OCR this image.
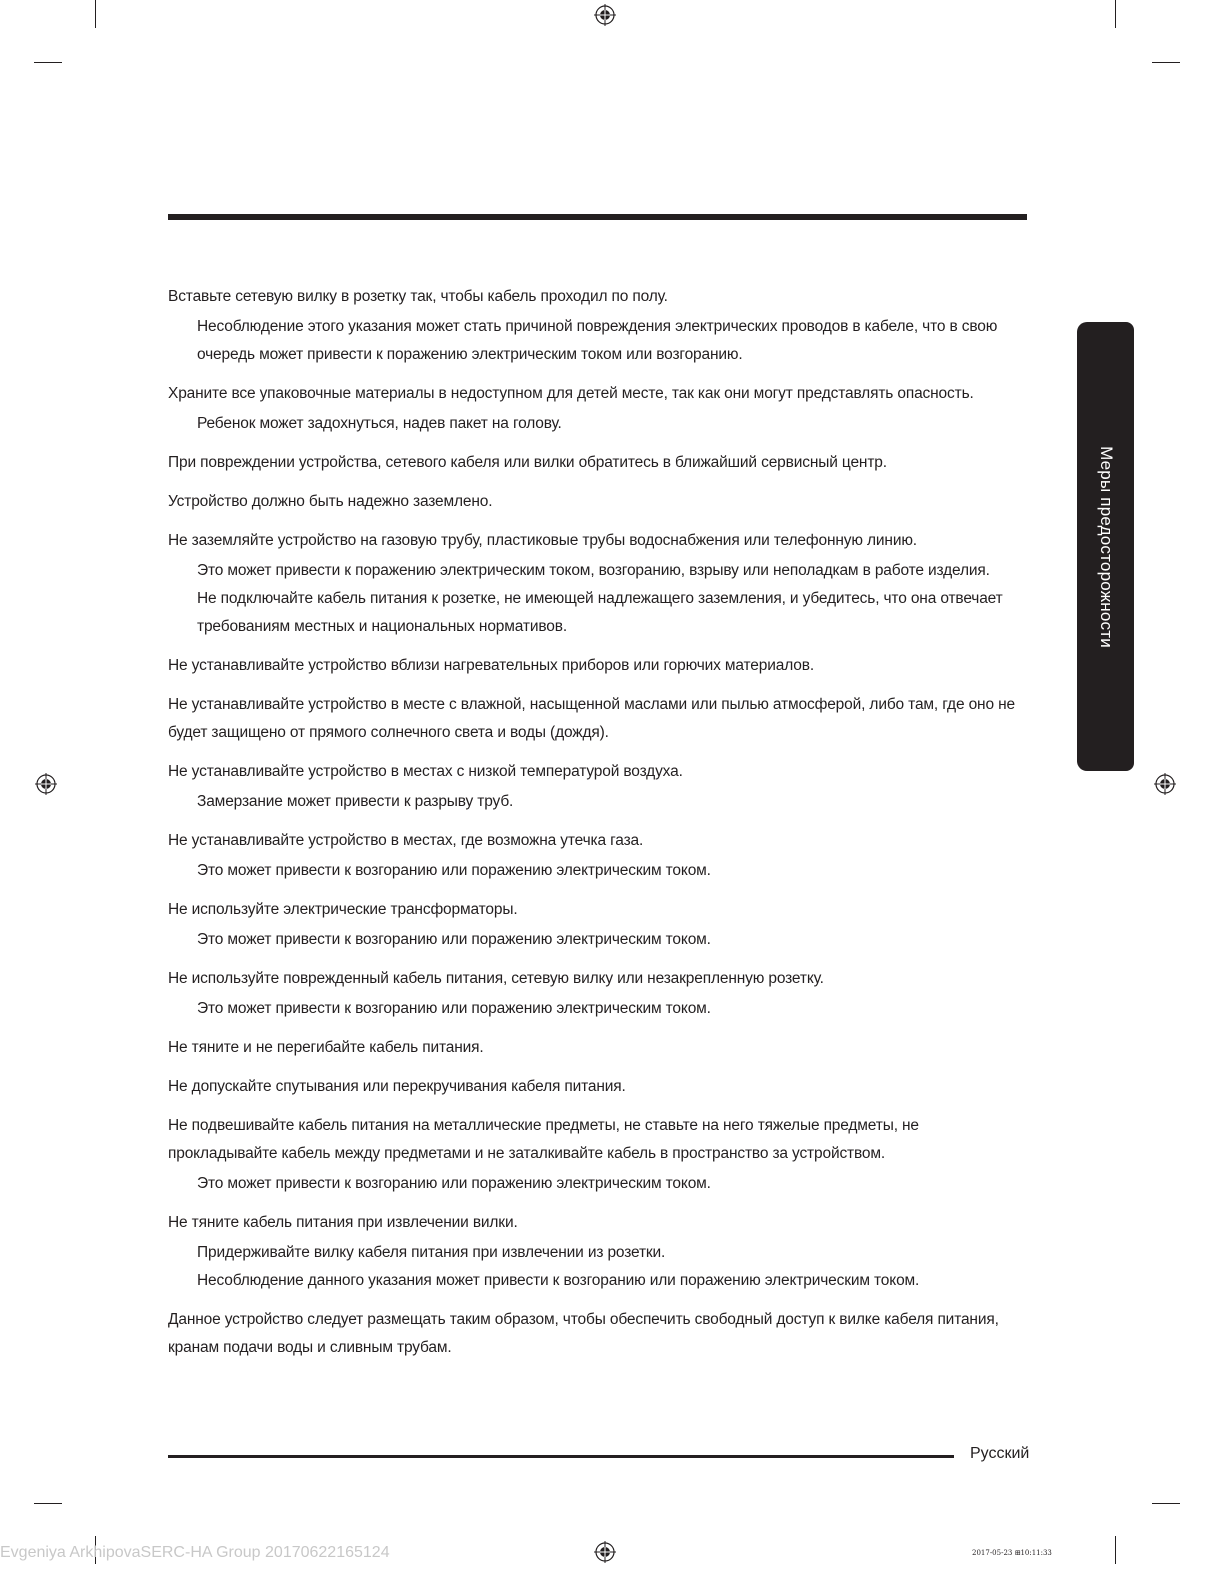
Меры предосторожности

Вставьте сетевую вилку в розетку так, чтобы кабель проходил по полу.

Несоблюдение этого указания может стать причиной повреждения электрических проводов в кабеле, что в свою очередь может привести к поражению электрическим током или возгоранию.

Храните все упаковочные материалы в недоступном для детей месте, так как они могут представлять опасность.

Ребенок может задохнуться, надев пакет на голову.

При повреждении устройства, сетевого кабеля или вилки обратитесь в ближайший сервисный центр.

Устройство должно быть надежно заземлено.

Не заземляйте устройство на газовую трубу, пластиковые трубы водоснабжения или телефонную линию.

Это может привести к поражению электрическим током, возгоранию, взрыву или неполадкам в работе изделия.

Не подключайте кабель питания к розетке, не имеющей надлежащего заземления, и убедитесь, что она отвечает требованиям местных и национальных нормативов.

Не устанавливайте устройство вблизи нагревательных приборов или горючих материалов.

Не устанавливайте устройство в месте с влажной, насыщенной маслами или пылью атмосферой, либо там, где оно не будет защищено от прямого солнечного света и воды (дождя).

Не устанавливайте устройство в местах с низкой температурой воздуха.

Замерзание может привести к разрыву труб.

Не устанавливайте устройство в местах, где возможна утечка газа.

Это может привести к возгоранию или поражению электрическим током.

Не используйте электрические трансформаторы.

Это может привести к возгоранию или поражению электрическим током.

Не используйте поврежденный кабель питания, сетевую вилку или незакрепленную розетку.

Это может привести к возгоранию или поражению электрическим током.

Не тяните и не перегибайте кабель питания.

Не допускайте спутывания или перекручивания кабеля питания.

Не подвешивайте кабель питания на металлические предметы, не ставьте на него тяжелые предметы, не прокладывайте кабель между предметами и не заталкивайте кабель в пространство за устройством.

Это может привести к возгоранию или поражению электрическим током.

Не тяните кабель питания при извлечении вилки.

Придерживайте вилку кабеля питания при извлечении из розетки.

Несоблюдение данного указания может привести к возгоранию или поражению электрическим током.

Данное устройство следует размещать таким образом, чтобы обеспечить свободный доступ к вилке кабеля питания, кранам подачи воды и сливным трубам.

Русский
Evgeniya ArkhipovaSERC-HA Group 20170622165124	2017-05-23 ⊞10:11:33
